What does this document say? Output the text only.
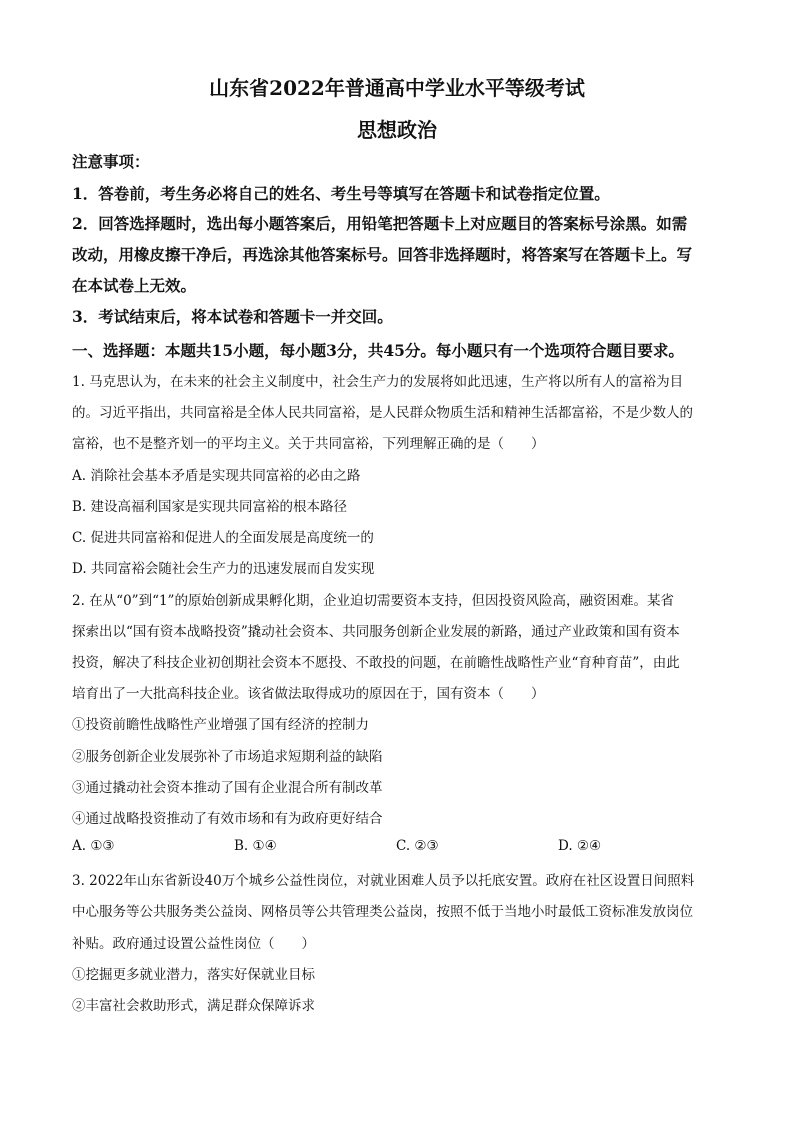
山东省2022年普通高中学业水平等级考试
思想政治
注意事项：
1．答卷前，考生务必将自己的姓名、考生号等填写在答题卡和试卷指定位置。
2．回答选择题时，选出每小题答案后，用铅笔把答题卡上对应题目的答案标号涂黑。如需
改动，用橡皮擦干净后，再选涂其他答案标号。回答非选择题时，将答案写在答题卡上。写
在本试卷上无效。
3．考试结束后，将本试卷和答题卡一并交回。
一、选择题：本题共15小题，每小题3分，共45分。每小题只有一个选项符合题目要求。
1. 马克思认为，在未来的社会主义制度中，社会生产力的发展将如此迅速，生产将以所有人的富裕为目
的。习近平指出，共同富裕是全体人民共同富裕，是人民群众物质生活和精神生活都富裕，不是少数人的
富裕，也不是整齐划一的平均主义。关于共同富裕，下列理解正确的是（　　）
A. 消除社会基本矛盾是实现共同富裕的必由之路
B. 建设高福利国家是实现共同富裕的根本路径
C. 促进共同富裕和促进人的全面发展是高度统一的
D. 共同富裕会随社会生产力的迅速发展而自发实现
2. 在从“0”到“1”的原始创新成果孵化期，企业迫切需要资本支持，但因投资风险高，融资困难。某省
探索出以“国有资本战略投资”撬动社会资本、共同服务创新企业发展的新路，通过产业政策和国有资本
投资，解决了科技企业初创期社会资本不愿投、不敢投的问题，在前瞻性战略性产业“育种育苗”，由此
培育出了一大批高科技企业。该省做法取得成功的原因在于，国有资本（　　）
①投资前瞻性战略性产业增强了国有经济的控制力
②服务创新企业发展弥补了市场追求短期利益的缺陷
③通过撬动社会资本推动了国有企业混合所有制改革
④通过战略投资推动了有效市场和有为政府更好结合
A. ①③	B. ①④	C. ②③	D. ②④
3. 2022年山东省新设40万个城乡公益性岗位，对就业困难人员予以托底安置。政府在社区设置日间照料
中心服务等公共服务类公益岗、网格员等公共管理类公益岗，按照不低于当地小时最低工资标准发放岗位
补贴。政府通过设置公益性岗位（　　）
①挖掘更多就业潜力，落实好保就业目标
②丰富社会救助形式，满足群众保障诉求
